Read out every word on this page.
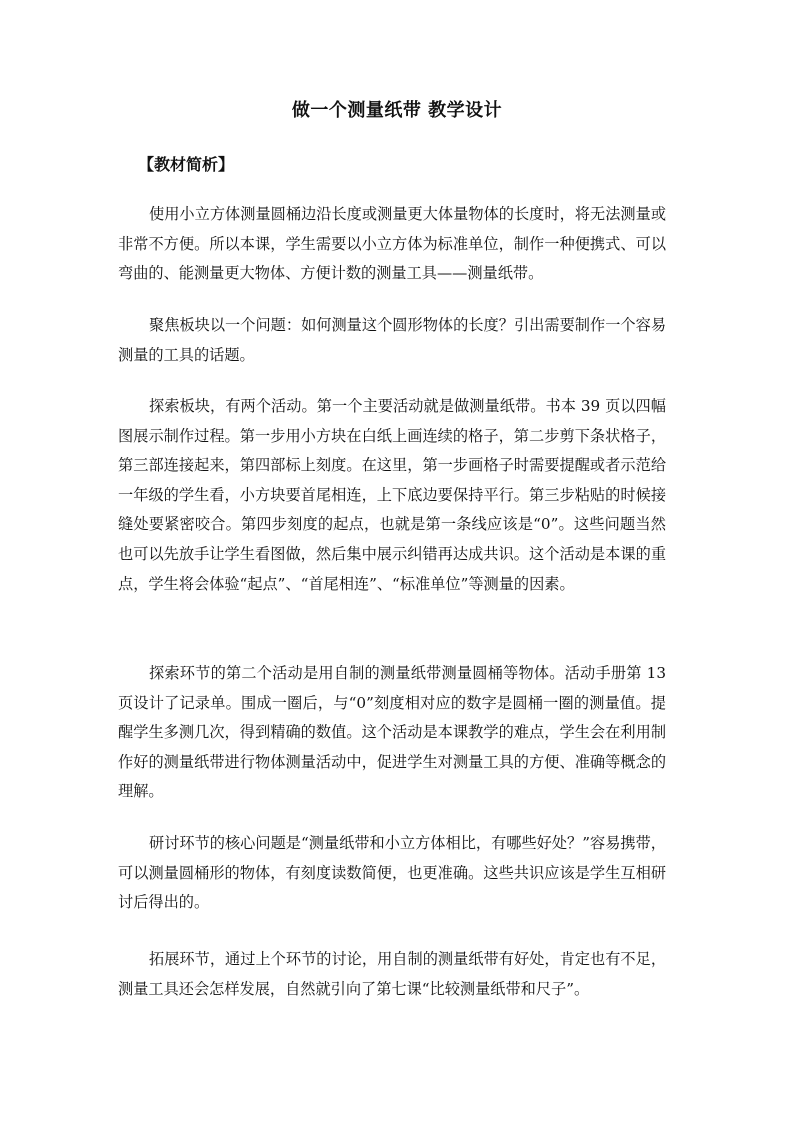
做一个测量纸带 教学设计
【教材简析】

使用小立方体测量圆桶边沿长度或测量更大体量物体的长度时，将无法测量或非常不方便。所以本课，学生需要以小立方体为标准单位，制作一种便携式、可以弯曲的、能测量更大物体、方便计数的测量工具——测量纸带。

聚焦板块以一个问题：如何测量这个圆形物体的长度？引出需要制作一个容易测量的工具的话题。

探索板块，有两个活动。第一个主要活动就是做测量纸带。书本 39 页以四幅图展示制作过程。第一步用小方块在白纸上画连续的格子，第二步剪下条状格子，第三部连接起来，第四部标上刻度。在这里，第一步画格子时需要提醒或者示范给一年级的学生看，小方块要首尾相连，上下底边要保持平行。第三步粘贴的时候接缝处要紧密咬合。第四步刻度的起点，也就是第一条线应该是“0”。这些问题当然也可以先放手让学生看图做，然后集中展示纠错再达成共识。这个活动是本课的重点，学生将会体验“起点”、“首尾相连”、“标准单位”等测量的因素。

探索环节的第二个活动是用自制的测量纸带测量圆桶等物体。活动手册第 13 页设计了记录单。围成一圈后，与“0”刻度相对应的数字是圆桶一圈的测量值。提醒学生多测几次，得到精确的数值。这个活动是本课教学的难点，学生会在利用制作好的测量纸带进行物体测量活动中，促进学生对测量工具的方便、准确等概念的理解。

研讨环节的核心问题是“测量纸带和小立方体相比，有哪些好处？”容易携带，可以测量圆桶形的物体，有刻度读数简便，也更准确。这些共识应该是学生互相研讨后得出的。

拓展环节，通过上个环节的讨论，用自制的测量纸带有好处，肯定也有不足，测量工具还会怎样发展，自然就引向了第七课“比较测量纸带和尺子”。
